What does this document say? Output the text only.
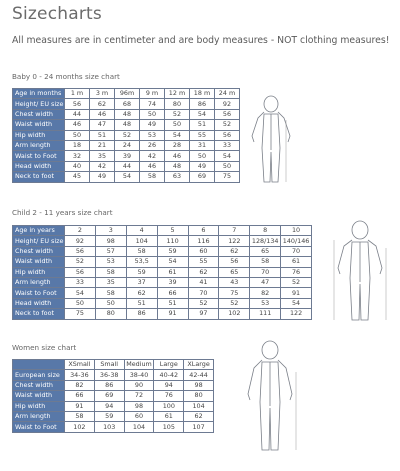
Sizecharts
All measures are in centimeter and are body measures - NOT clothing measures!
Baby 0 - 24 months size chart
Age in months	1 m	3 m	96m	9 m	12 m	18 m	24 m
Height/ EU size	56	62	68	74	80	86	92
Chest width	44	46	48	50	52	54	56
Waist width	46	47	48	49	50	51	52
Hip width	50	51	52	53	54	55	56
Arm length	18	21	24	26	28	31	33
Waist to Foot	32	35	39	42	46	50	54
Head width	40	42	44	46	48	49	50
Neck to foot	45	49	54	58	63	69	75
Child 2 - 11 years size chart
Age in years	2	3	4	5	6	7	8	10
Height/ EU size	92	98	104	110	116	122	128/134	140/146
Chest width	56	57	58	59	60	62	65	70
Waist width	52	53	53,5	54	55	56	58	61
Hip width	56	58	59	61	62	65	70	76
Arm length	33	35	37	39	41	43	47	52
Waist to Foot	54	58	62	66	70	75	82	91
Head width	50	50	51	51	52	52	53	54
Neck to foot	75	80	86	91	97	102	111	122
Women size chart
	XSmall	Small	Medium	Large	XLarge
European size	34-36	36-38	38-40	40-42	42-44
Chest width	82	86	90	94	98
Waist width	66	69	72	76	80
Hip width	91	94	98	100	104
Arm length	58	59	60	61	62
Waist to Foot	102	103	104	105	107
